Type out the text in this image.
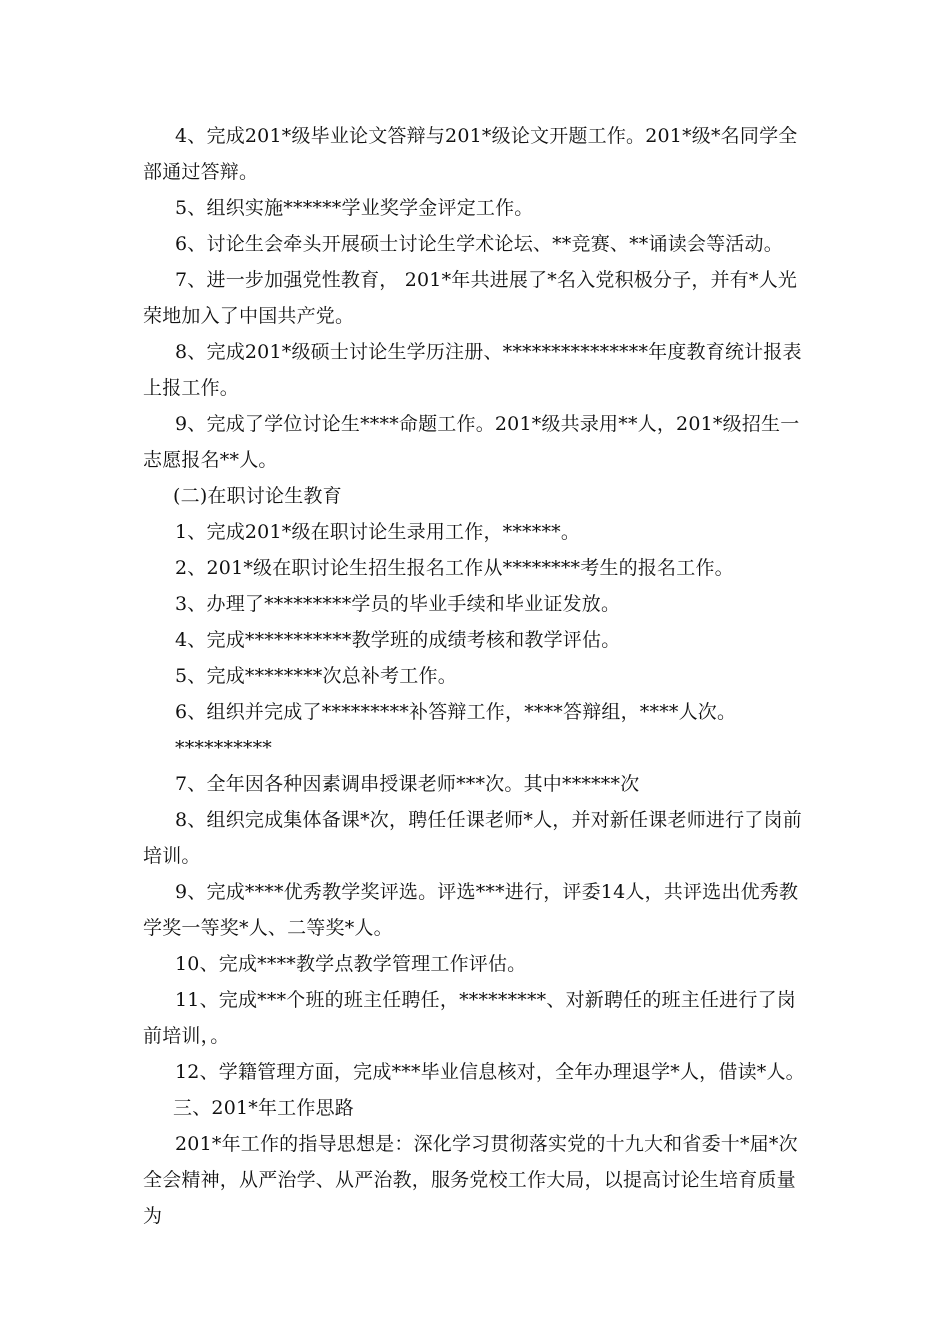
4、完成201*级毕业论文答辩与201*级论文开题工作。201*级*名同学全部通过答辩。

5、组织实施******学业奖学金评定工作。

6、讨论生会牵头开展硕士讨论生学术论坛、**竞赛、**诵读会等活动。

7、进一步加强党性教育， 201*年共进展了*名入党积极分子，并有*人光荣地加入了中国共产党。

8、完成201*级硕士讨论生学历注册、***************年度教育统计报表上报工作。

9、完成了学位讨论生****命题工作。201*级共录用**人，201*级招生一志愿报名**人。

(二)在职讨论生教育

1、完成201*级在职讨论生录用工作，******。

2、201*级在职讨论生招生报名工作从********考生的报名工作。

3、办理了*********学员的毕业手续和毕业证发放。

4、完成***********教学班的成绩考核和教学评估。

5、完成********次总补考工作。

6、组织并完成了*********补答辩工作，****答辩组，****人次。

**********

7、全年因各种因素调串授课老师***次。其中******次

8、组织完成集体备课*次，聘任任课老师*人，并对新任课老师进行了岗前培训。

9、完成****优秀教学奖评选。评选***进行，评委14人，共评选出优秀教学奖一等奖*人、二等奖*人。

10、完成****教学点教学管理工作评估。

11、完成***个班的班主任聘任，*********、对新聘任的班主任进行了岗前培训，。

12、学籍管理方面，完成***毕业信息核对，全年办理退学*人，借读*人。

三、201*年工作思路

201*年工作的指导思想是：深化学习贯彻落实党的十九大和省委十*届*次全会精神，从严治学、从严治教，服务党校工作大局，以提高讨论生培育质量为
